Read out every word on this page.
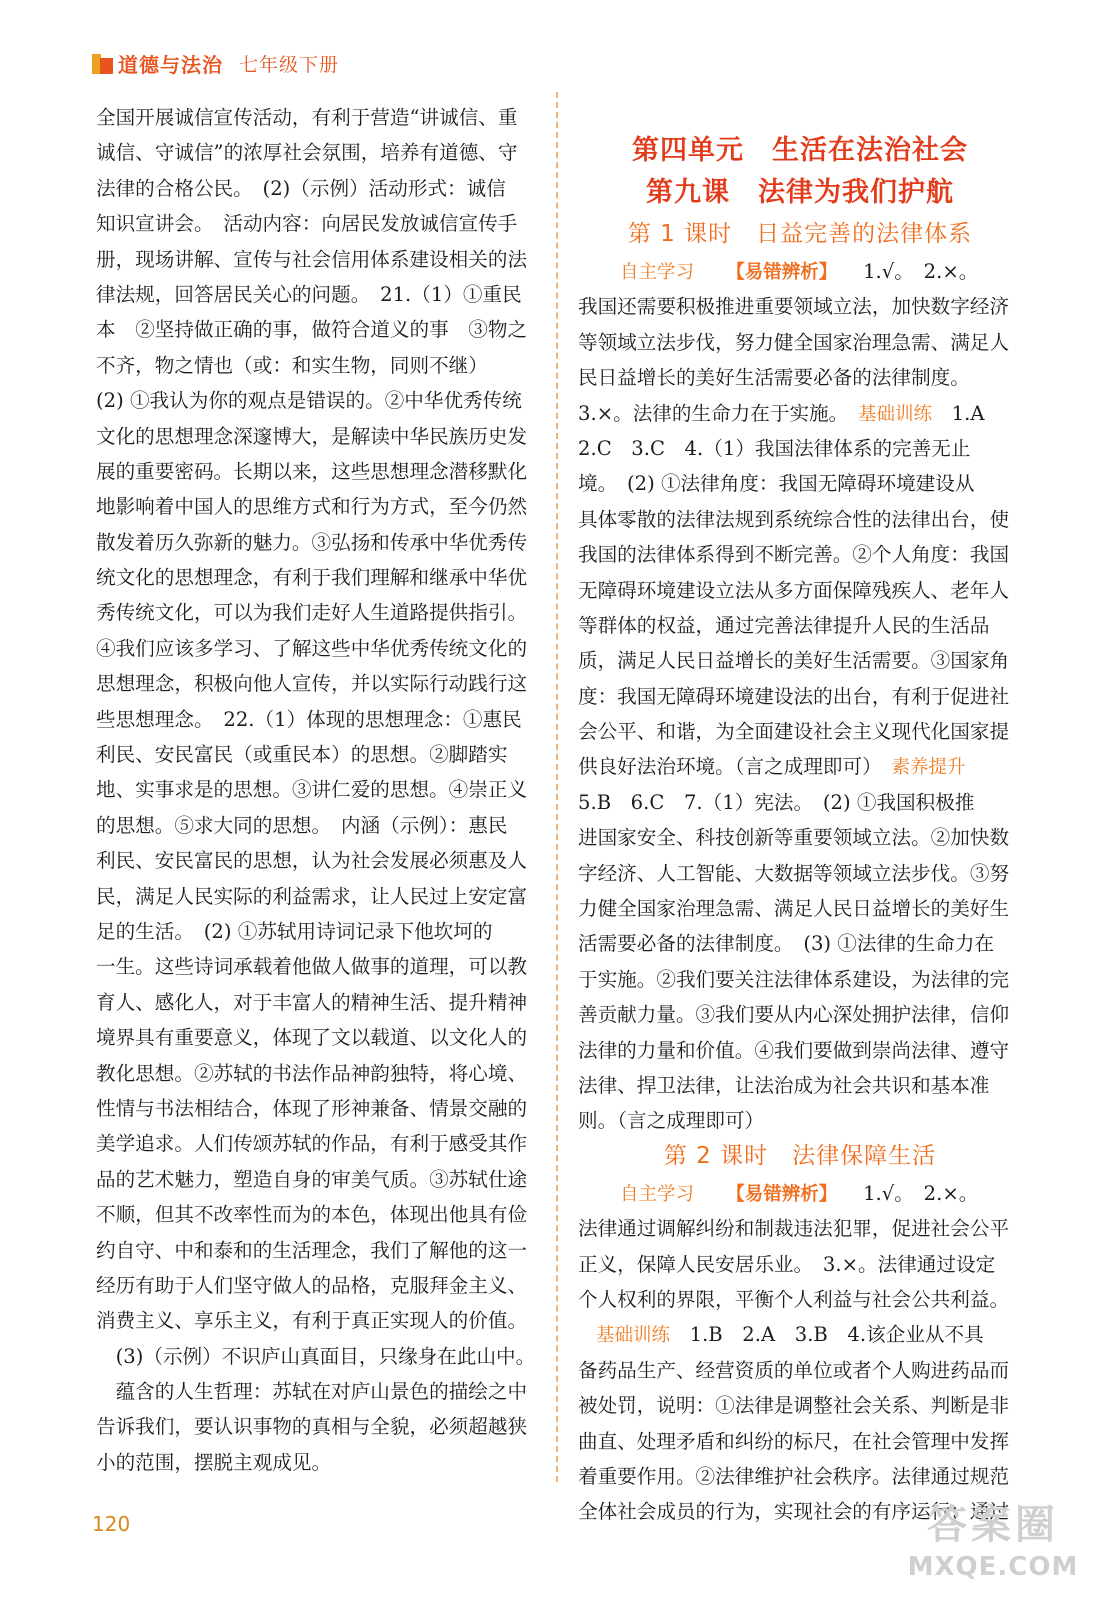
道德与法治 七年级下册
全国开展诚信宣传活动，有利于营造“讲诚信、重
诚信、守诚信”的浓厚社会氛围，培养有道德、守
法律的合格公民。　(2)（示例）活动形式：诚信
知识宣讲会。　活动内容：向居民发放诚信宣传手
册，现场讲解、宣传与社会信用体系建设相关的法
律法规，回答居民关心的问题。　21.（1）①重民
本　②坚持做正确的事，做符合道义的事　③物之
不齐，物之情也（或：和实生物，同则不继）
(2) ①我认为你的观点是错误的。②中华优秀传统
文化的思想理念深邃博大，是解读中华民族历史发
展的重要密码。长期以来，这些思想理念潜移默化
地影响着中国人的思维方式和行为方式，至今仍然
散发着历久弥新的魅力。③弘扬和传承中华优秀传
统文化的思想理念，有利于我们理解和继承中华优
秀传统文化，可以为我们走好人生道路提供指引。
④我们应该多学习、了解这些中华优秀传统文化的
思想理念，积极向他人宣传，并以实际行动践行这
些思想理念。　22.（1）体现的思想理念：①惠民
利民、安民富民（或重民本）的思想。②脚踏实
地、实事求是的思想。③讲仁爱的思想。④崇正义
的思想。⑤求大同的思想。　内涵（示例）：惠民
利民、安民富民的思想，认为社会发展必须惠及人
民，满足人民实际的利益需求，让人民过上安定富
足的生活。　(2) ①苏轼用诗词记录下他坎坷的
一生。这些诗词承载着他做人做事的道理，可以教
育人、感化人，对于丰富人的精神生活、提升精神
境界具有重要意义，体现了文以载道、以文化人的
教化思想。②苏轼的书法作品神韵独特，将心境、
性情与书法相结合，体现了形神兼备、情景交融的
美学追求。人们传颂苏轼的作品，有利于感受其作
品的艺术魅力，塑造自身的审美气质。③苏轼仕途
不顺，但其不改率性而为的本色，体现出他具有俭
约自守、中和泰和的生活理念，我们了解他的这一
经历有助于人们坚守做人的品格，克服拜金主义、
消费主义、享乐主义，有利于真正实现人的价值。
　(3)（示例）不识庐山真面目，只缘身在此山中。
　蕴含的人生哲理：苏轼在对庐山景色的描绘之中
告诉我们，要认识事物的真相与全貌，必须超越狭
小的范围，摆脱主观成见。
第四单元　生活在法治社会
第九课　法律为我们护航
第 1 课时　日益完善的法律体系
自主学习 【易错辨析】 　1.√。　2.×。
我国还需要积极推进重要领域立法，加快数字经济
等领域立法步伐，努力健全国家治理急需、满足人
民日益增长的美好生活需要必备的法律制度。
3.×。法律的生命力在于实施。　基础训练　1.A
2.C　3.C　4.（1）我国法律体系的完善无止
境。　(2) ①法律角度：我国无障碍环境建设从
具体零散的法律法规到系统综合性的法律出台，使
我国的法律体系得到不断完善。②个人角度：我国
无障碍环境建设立法从多方面保障残疾人、老年人
等群体的权益，通过完善法律提升人民的生活品
质，满足人民日益增长的美好生活需要。③国家角
度：我国无障碍环境建设法的出台，有利于促进社
会公平、和谐，为全面建设社会主义现代化国家提
供良好法治环境。（言之成理即可）　素养提升
5.B　6.C　7.（1）宪法。　(2) ①我国积极推
进国家安全、科技创新等重要领域立法。②加快数
字经济、人工智能、大数据等领域立法步伐。③努
力健全国家治理急需、满足人民日益增长的美好生
活需要必备的法律制度。　(3) ①法律的生命力在
于实施。②我们要关注法律体系建设，为法律的完
善贡献力量。③我们要从内心深处拥护法律，信仰
法律的力量和价值。④我们要做到崇尚法律、遵守
法律、捍卫法律，让法治成为社会共识和基本准
则。（言之成理即可）
第 2 课时　法律保障生活
自主学习 【易错辨析】 　1.√。　2.×。
法律通过调解纠纷和制裁违法犯罪，促进社会公平
正义，保障人民安居乐业。　3.×。法律通过设定
个人权利的界限，平衡个人利益与社会公共利益。
基础训练　1.B　2.A　3.B　4.该企业从不具
备药品生产、经营资质的单位或者个人购进药品而
被处罚，说明：①法律是调整社会关系、判断是非
曲直、处理矛盾和纠纷的标尺，在社会管理中发挥
着重要作用。②法律维护社会秩序。法律通过规范
全体社会成员的行为，实现社会的有序运行；通过
120	答案圈
MXQE.COM
